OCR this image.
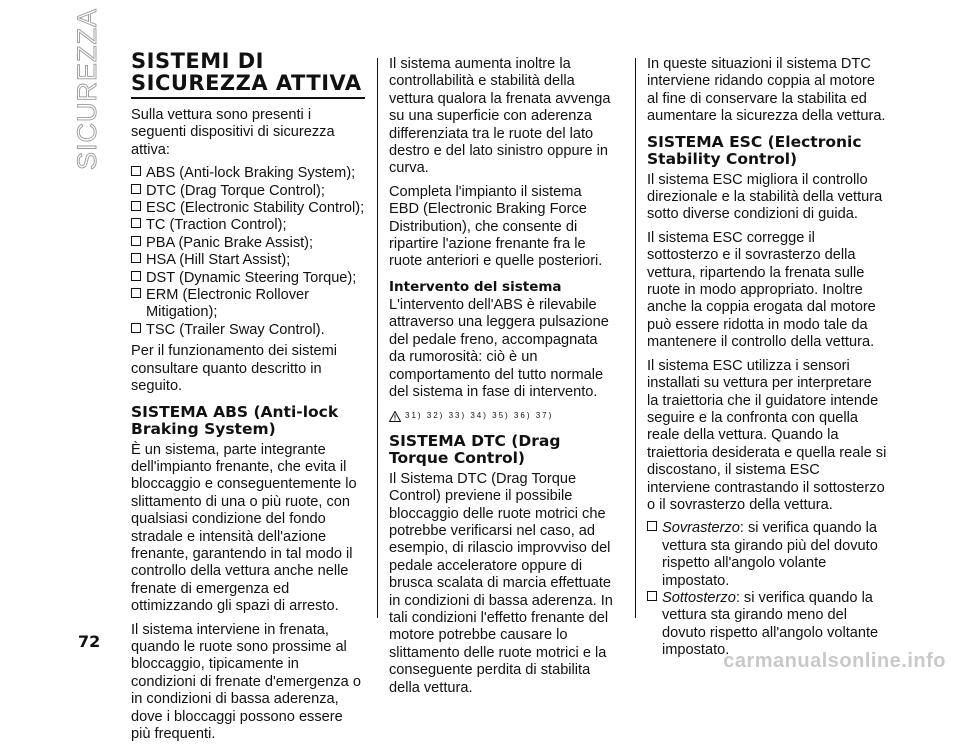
SICUREZZA SISTEMI DI
SICUREZZA ATTIVA

Sulla vettura sono presenti i seguenti dispositivi di sicurezza attiva:

ABS (Anti-lock Braking System);
DTC (Drag Torque Control);
ESC (Electronic Stability Control);
TC (Traction Control);
PBA (Panic Brake Assist);
HSA (Hill Start Assist);
DST (Dynamic Steering Torque);
ERM (Electronic Rollover Mitigation);
TSC (Trailer Sway Control).

Per il funzionamento dei sistemi consultare quanto descritto in seguito.

SISTEMA ABS (Anti-lock Braking System)

È un sistema, parte integrante dell'impianto frenante, che evita il bloccaggio e conseguentemente lo slittamento di una o più ruote, con qualsiasi condizione del fondo stradale e intensità dell'azione frenante, garantendo in tal modo il controllo della vettura anche nelle frenate di emergenza ed ottimizzando gli spazi di arresto.

Il sistema interviene in frenata, quando le ruote sono prossime al bloccaggio, tipicamente in condizioni di frenate d'emergenza o in condizioni di bassa aderenza, dove i bloccaggi possono essere più frequenti.

Il sistema aumenta inoltre la controllabilità e stabilità della vettura qualora la frenata avvenga su una superficie con aderenza differenziata tra le ruote del lato destro e del lato sinistro oppure in curva.

Completa l'impianto il sistema EBD (Electronic Braking Force Distribution), che consente di ripartire l'azione frenante fra le ruote anteriori e quelle posteriori.

Intervento del sistema

L'intervento dell'ABS è rilevabile attraverso una leggera pulsazione del pedale freno, accompagnata da rumorosità: ciò è un comportamento del tutto normale del sistema in fase di intervento.

31) 32) 33) 34) 35) 36) 37)
SISTEMA DTC (Drag Torque Control)

Il Sistema DTC (Drag Torque Control) previene il possibile bloccaggio delle ruote motrici che potrebbe verificarsi nel caso, ad esempio, di rilascio improvviso del pedale acceleratore oppure di brusca scalata di marcia effettuate in condizioni di bassa aderenza. In tali condizioni l'effetto frenante del motore potrebbe causare lo slittamento delle ruote motrici e la conseguente perdita di stabilita della vettura.

In queste situazioni il sistema DTC interviene ridando coppia al motore al fine di conservare la stabilita ed aumentare la sicurezza della vettura.

SISTEMA ESC (Electronic Stability Control)

Il sistema ESC migliora il controllo direzionale e la stabilità della vettura sotto diverse condizioni di guida.

Il sistema ESC corregge il sottosterzo e il sovrasterzo della vettura, ripartendo la frenata sulle ruote in modo appropriato. Inoltre anche la coppia erogata dal motore può essere ridotta in modo tale da mantenere il controllo della vettura.

Il sistema ESC utilizza i sensori installati su vettura per interpretare la traiettoria che il guidatore intende seguire e la confronta con quella reale della vettura. Quando la traiettoria desiderata e quella reale si discostano, il sistema ESC interviene contrastando il sottosterzo o il sovrasterzo della vettura.

Sovrasterzo: si verifica quando la vettura sta girando più del dovuto rispetto all'angolo volante impostato.
Sottosterzo: si verifica quando la vettura sta girando meno del dovuto rispetto all'angolo voltante impostato.
72
carmanualsonline.info
